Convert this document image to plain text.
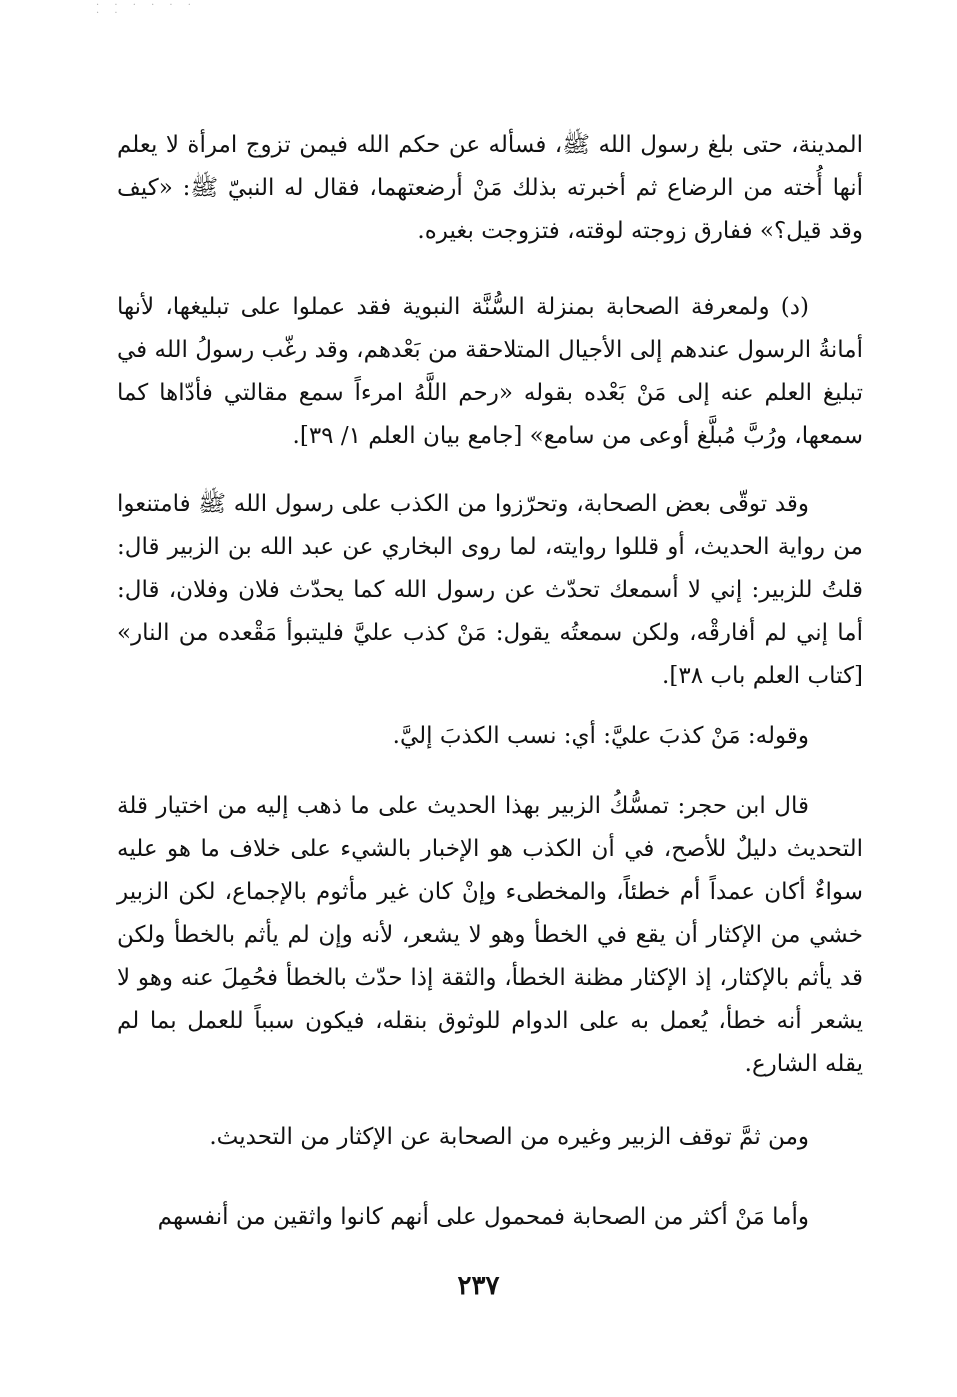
· · · · · · · ·

المدينة، حتى بلغ رسول الله ﷺ، فسأله عن حكم الله فيمن تزوج امرأة لا يعلم أنها أُخته من الرضاع ثم أخبرته بذلك مَنْ أرضعتهما، فقال له النبيّ ﷺ: «كيف وقد قيل؟» ففارق زوجته لوقته، فتزوجت بغيره.

(د) ولمعرفة الصحابة بمنزلة السُّنَّة النبوية فقد عملوا على تبليغها، لأنها أمانةُ الرسول عندهم إلى الأجيال المتلاحقة من بَعْدهم، وقد رغّب رسولُ الله في تبليغ العلم عنه إلى مَنْ بَعْده بقوله «رحم اللَّهُ امرءاً سمع مقالتي فأدّاها كما سمعها، ورُبَّ مُبلَّغ أوعى من سامع» [جامع بيان العلم ١/ ٣٩].

وقد توقّى بعض الصحابة، وتحرّزوا من الكذب على رسول الله ﷺ فامتنعوا من رواية الحديث، أو قللوا روايته، لما روى البخاري عن عبد الله بن الزبير قال: قلتُ للزبير: إني لا أسمعك تحدّث عن رسول الله كما يحدّث فلان وفلان، قال: أما إني لم أفارقْه، ولكن سمعتُه يقول: مَنْ كذب عليَّ فليتبوأ مَقْعده من النار» [كتاب العلم باب ٣٨].

وقوله: مَنْ كذبَ عليَّ: أي: نسب الكذبَ إليَّ.

قال ابن حجر: تمسُّكُ الزبير بهذا الحديث على ما ذهب إليه من اختيار قلة التحديث دليلٌ للأصح، في أن الكذب هو الإخبار بالشيء على خلاف ما هو عليه سواءٌ أكان عمداً أم خطئاً، والمخطىء وإنْ كان غير مأثوم بالإجماع، لكن الزبير خشي من الإكثار أن يقع في الخطأ وهو لا يشعر، لأنه وإن لم يأثم بالخطأ ولكن قد يأثم بالإكثار، إذ الإكثار مظنة الخطأ، والثقة إذا حدّث بالخطأ فحُمِلَ عنه وهو لا يشعر أنه خطأ، يُعمل به على الدوام للوثوق بنقله، فيكون سبباً للعمل بما لم يقله الشارع.

ومن ثمَّ توقف الزبير وغيره من الصحابة عن الإكثار من التحديث.

وأما مَنْ أكثر من الصحابة فمحمول على أنهم كانوا واثقين من أنفسهم

٢٣٧
